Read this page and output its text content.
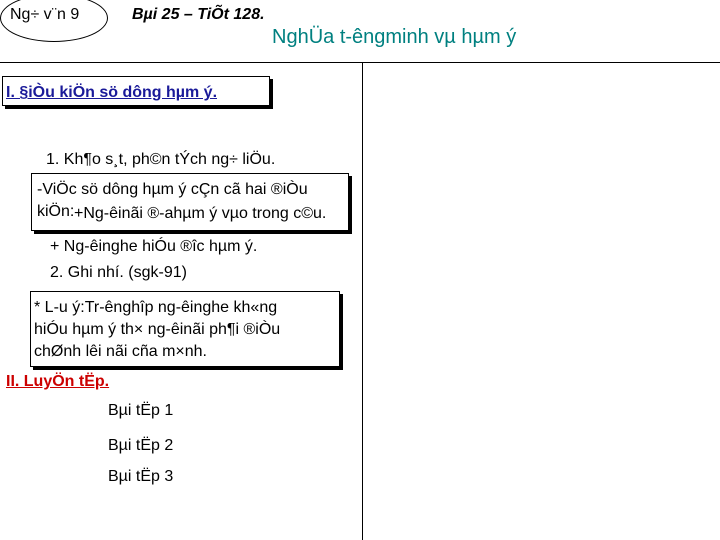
Ng÷ v¨n 9	Bµi 25 – TiÕt 128.
NghÜa t-êngminh vµ hµm ý
I. §iÒu kiÖn sö dông hµm ý.
1. Kh¶o s¸t, ph©n tÝch ng÷ liÖu.
-ViÖc sö dông hµm ý cÇn cã hai ®iÒu
kiÖn: +Ng-êinãi ®-ahµm ý vµo trong c©u.
+ Ng-êinghe hiÓu ®îc hµm ý.
2. Ghi nhí. (sgk-91)
* L-u ý:Tr-ênghîp ng-êinghe kh«ng
hiÓu hµm ý th× ng-êinãi ph¶i ®iÒu
chØnh lêi nãi cña m×nh.
II. LuyÖn tËp.
Bµi tËp 1
Bµi tËp 2
Bµi tËp 3
